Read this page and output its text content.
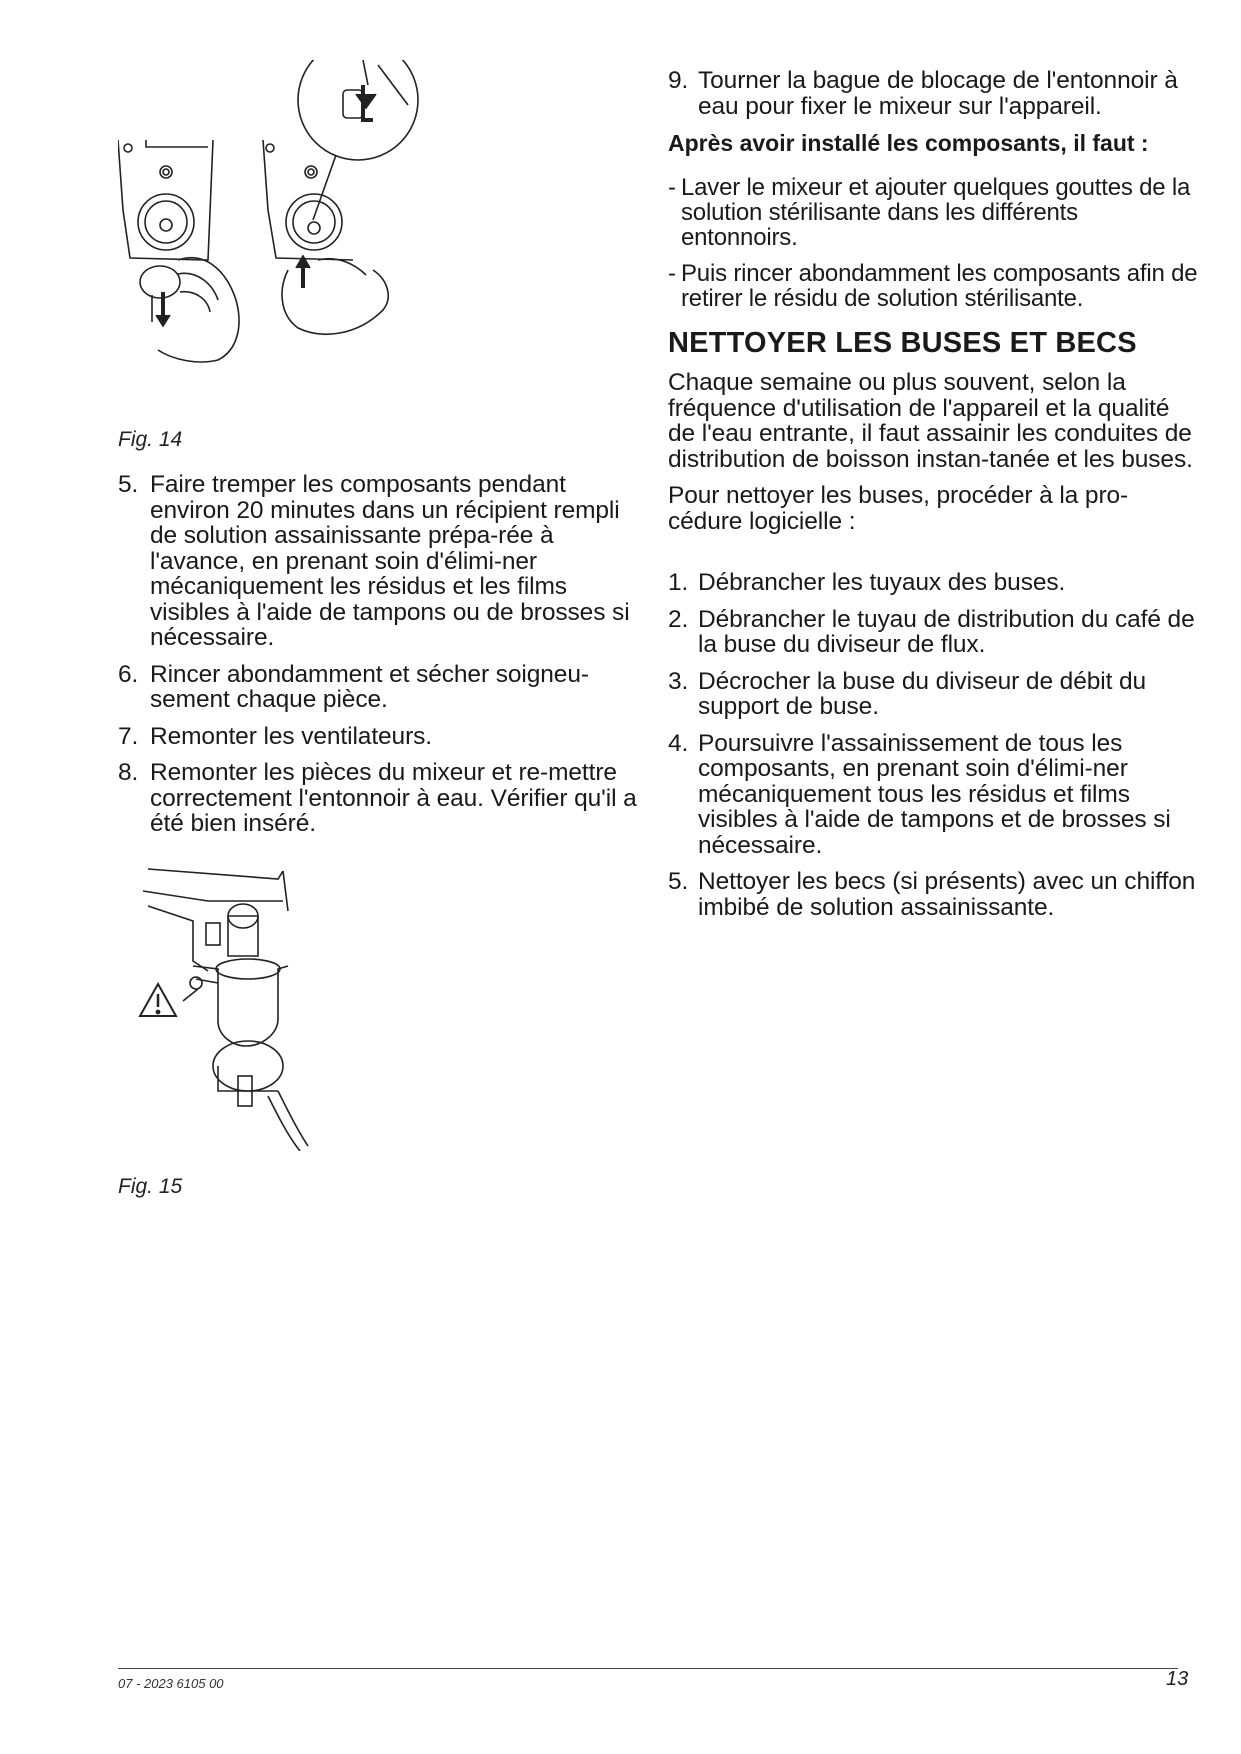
Fig. 14
5. Faire tremper les composants pendant environ 20 minutes dans un récipient rempli de solution assainissante prépa-rée à l'avance, en prenant soin d'élimi-ner mécaniquement les résidus et les films visibles à l'aide de tampons ou de brosses si nécessaire.
6. Rincer abondamment et sécher soigneu-sement chaque pièce.
7. Remonter les ventilateurs.
8. Remonter les pièces du mixeur et re-mettre correctement l'entonnoir à eau. Vérifier qu'il a été bien inséré.
Fig. 15
9. Tourner la bague de blocage de l'entonnoir à eau pour fixer le mixeur sur l'appareil.
Après avoir installé les composants, il faut :
- Laver le mixeur et ajouter quelques gouttes de la solution stérilisante dans les différents entonnoirs.
- Puis rincer abondamment les composants afin de retirer le résidu de solution stérilisante.
NETTOYER LES BUSES ET BECS

Chaque semaine ou plus souvent, selon la fréquence d'utilisation de l'appareil et la qualité de l'eau entrante, il faut assainir les conduites de distribution de boisson instan-tanée et les buses.

Pour nettoyer les buses, procéder à la pro-cédure logicielle :

1. Débrancher les tuyaux des buses.
2. Débrancher le tuyau de distribution du café de la buse du diviseur de flux.
3. Décrocher la buse du diviseur de débit du support de buse.
4. Poursuivre l'assainissement de tous les composants, en prenant soin d'élimi-ner mécaniquement tous les résidus et films visibles à l'aide de tampons et de brosses si nécessaire.
5. Nettoyer les becs (si présents) avec un chiffon imbibé de solution assainissante.
07 - 2023 6105 00	13
